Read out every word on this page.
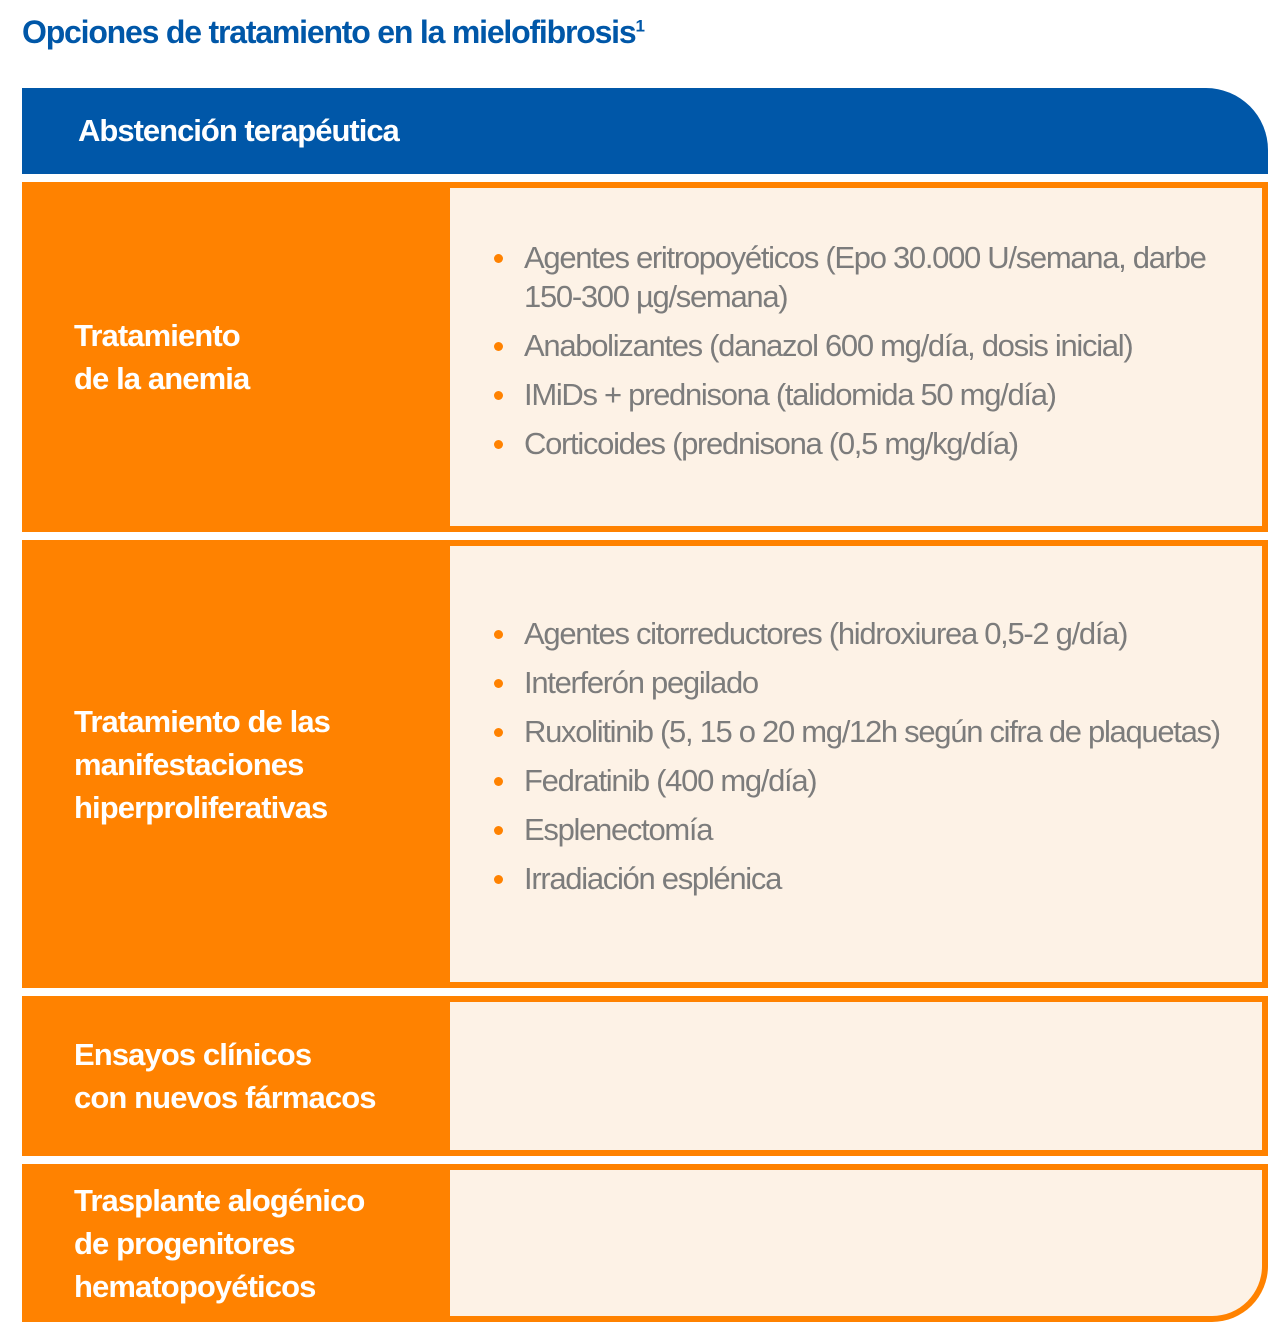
Opciones de tratamiento en la mielofibrosis$^1$
Abstención terapéutica
Tratamiento
de la anemia
Agentes eritropoyéticos (Epo 30.000 U/semana, darbe 150-300 µg/semana)
Anabolizantes (danazol 600 mg/día, dosis inicial)
IMiDs + prednisona (talidomida 50 mg/día)
Corticoides (prednisona (0,5 mg/kg/día)
Tratamiento de las
manifestaciones
hiperproliferativas
Agentes citorreductores (hidroxiurea 0,5-2 g/día)
Interferón pegilado
Ruxolitinib (5, 15 o 20 mg/12h según cifra de plaquetas)
Fedratinib (400 mg/día)
Esplenectomía
Irradiación esplénica
Ensayos clínicos
con nuevos fármacos
Trasplante alogénico
de progenitores
hematopoyéticos
